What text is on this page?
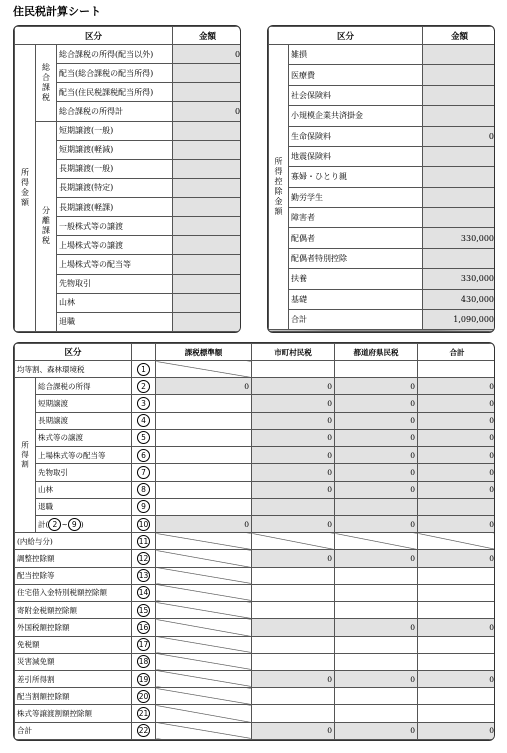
住民税計算シート
区分			金額
所得金額	総合課税	総合課税の所得(配当以外)	0
		配当(総合課税の配当所得)	
		配当(住民税課税配当所得)	
		総合課税の所得計	0
	分離課税	短期譲渡(一般)	
		短期譲渡(軽減)	
		長期譲渡(一般)	
		長期譲渡(特定)	
		長期譲渡(軽課)	
		一般株式等の譲渡	
		上場株式等の譲渡	
		上場株式等の配当等	
		先物取引	
		山林	
		退職	
区分		金額
所得控除金額	雑損	
	医療費	
	社会保険料	
	小規模企業共済掛金	
	生命保険料	0
	地震保険料	
	寡婦・ひとり親	
	勤労学生	
	障害者	
	配偶者	330,000
	配偶者特別控除	
	扶養	330,000
	基礎	430,000
	合計	1,090,000

区分			課税標準額	市町村民税	都道府県民税	合計
均等割、森林環境税		1				
所得割	総合課税の所得	2	0	0	0	0
	短期譲渡	3		0	0	0
	長期譲渡	4		0	0	0
	株式等の譲渡	5		0	0	0
	上場株式等の配当等	6		0	0	0
	先物取引	7		0	0	0
	山林	8		0	0	0
	退職	9				
	計( 2 ~ 9 )	10	0	0	0	0
(内給与分)		11				
調整控除額		12		0	0	0
配当控除等		13				
住宅借入金特別税額控除額		14				
寄附金税額控除額		15				
外国税額控除額		16			0	0
免税額		17				
災害減免額		18				
差引所得割		19		0	0	0
配当割額控除額		20				
株式等譲渡割額控除額		21				
合計		22		0	0	0
